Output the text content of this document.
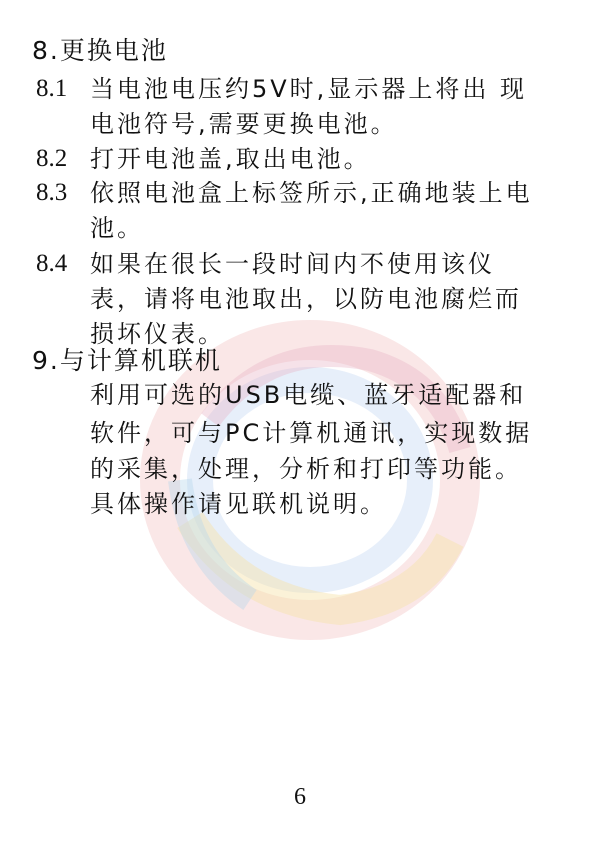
8.更换电池
8.1 当电池电压约5V时,显示器上将出 现
电池符号,需要更换电池。
8.2 打开电池盖,取出电池。
8.3 依照电池盒上标签所示,正确地装上电
池。
8.4 如果在很长一段时间内不使用该仪
表，请将电池取出，以防电池腐烂而
损坏仪表。
9.与计算机联机
利用可选的USB电缆、蓝牙适配器和
软件，可与PC计算机通讯，实现数据
的采集，处理，分析和打印等功能。
具体操作请见联机说明。
6
